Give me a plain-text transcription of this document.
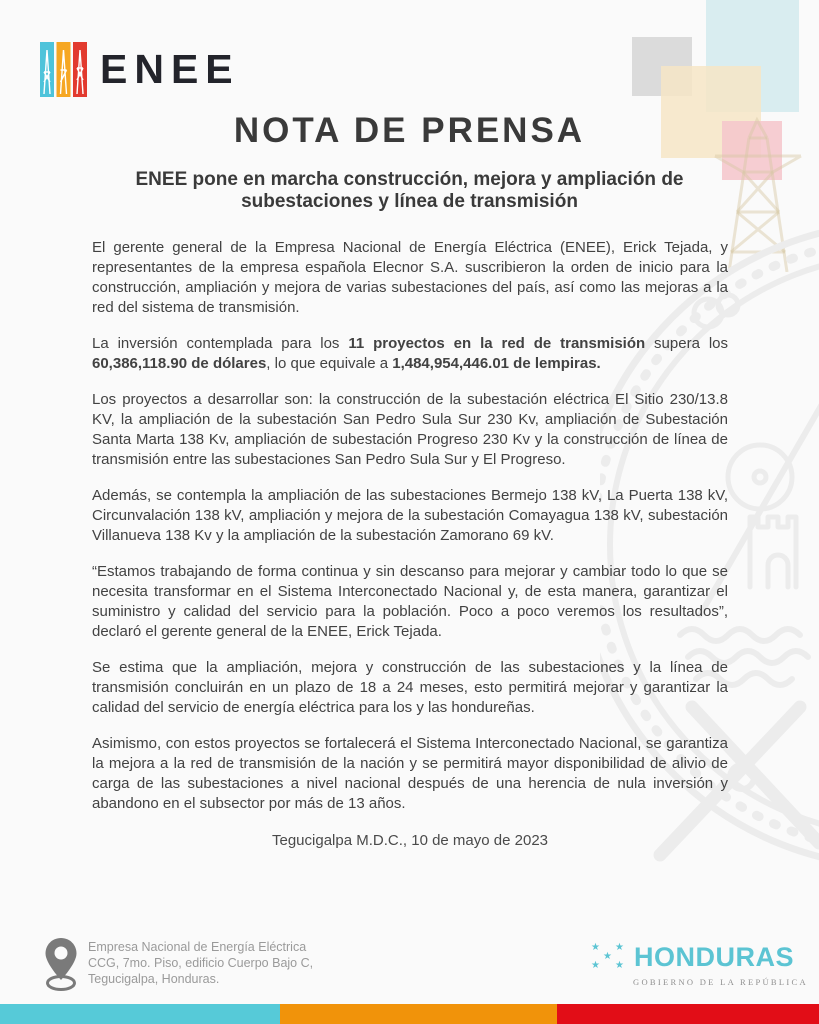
ENEE
NOTA DE PRENSA
ENEE pone en marcha construcción, mejora y ampliación de subestaciones y línea de transmisión

El gerente general de la Empresa Nacional de Energía Eléctrica (ENEE), Erick Tejada, y representantes de la empresa española Elecnor S.A. suscribieron la orden de inicio para la construcción, ampliación y mejora de varias subestaciones del país, así como las mejoras a la red del sistema de transmisión.

La inversión contemplada para los 11 proyectos en la red de transmisión supera los 60,386,118.90 de dólares, lo que equivale a 1,484,954,446.01 de lempiras.

Los proyectos a desarrollar son: la construcción de la subestación eléctrica El Sitio 230/13.8 KV, la ampliación de la subestación San Pedro Sula Sur 230 Kv, ampliación de Subestación Santa Marta 138 Kv, ampliación de subestación Progreso 230 Kv y la construcción de línea de transmisión entre las subestaciones San Pedro Sula Sur y El Progreso.

Además, se contempla la ampliación de las subestaciones Bermejo 138 kV, La Puerta 138 kV, Circunvalación 138 kV, ampliación y mejora de la subestación Comayagua 138 kV, subestación Villanueva 138 Kv y la ampliación de la subestación Zamorano 69 kV.

“Estamos trabajando de forma continua y sin descanso para mejorar y cambiar todo lo que se necesita transformar en el Sistema Interconectado Nacional y, de esta manera, garantizar el suministro y calidad del servicio para la población. Poco a poco veremos los resultados”, declaró el gerente general de la ENEE, Erick Tejada.

Se estima que la ampliación, mejora y construcción de las subestaciones y la línea de transmisión concluirán en un plazo de 18 a 24 meses, esto permitirá mejorar y garantizar la calidad del servicio de energía eléctrica para los y las hondureñas.

Asimismo, con estos proyectos se fortalecerá el Sistema Interconectado Nacional, se garantiza la mejora a la red de transmisión de la nación y se permitirá mayor disponibilidad de alivio de carga de las subestaciones a nivel nacional después de una herencia de nula inversión y abandono en el subsector por más de 13 años.

Tegucigalpa M.D.C., 10 de mayo de 2023
Empresa Nacional de Energía Eléctrica
CCG, 7mo. Piso, edificio Cuerpo Bajo C,
Tegucigalpa, Honduras.
★ ★
★
★ ★ HONDURAS
GOBIERNO DE LA REPÚBLICA
